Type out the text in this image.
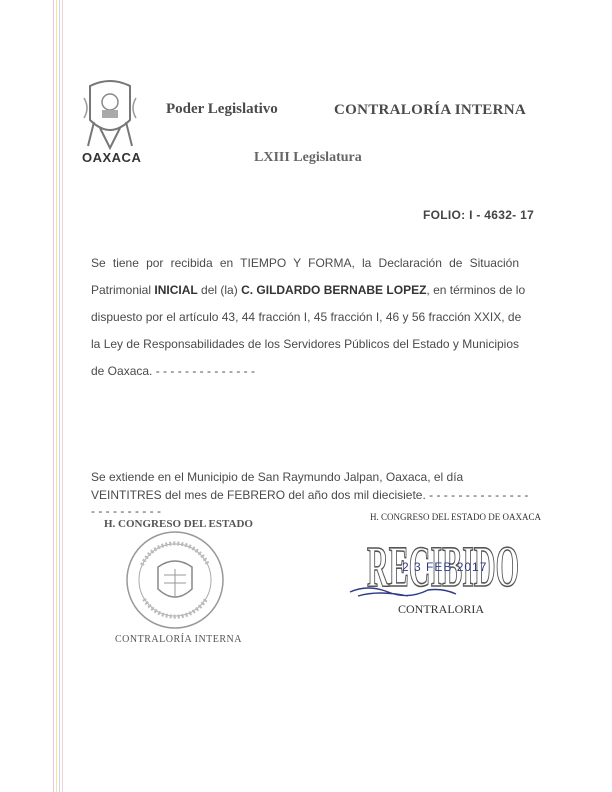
OAXACA
Poder Legislativo	CONTRALORÍA INTERNA
LXIII Legislatura
FOLIO: I - 4632- 17
Se tiene por recibida en TIEMPO Y FORMA, la Declaración de Situación
Patrimonial INICIAL del (la) C. GILDARDO BERNABE LOPEZ, en términos de lo
dispuesto por el artículo 43, 44 fracción I, 45 fracción I, 46 y 56 fracción XXIX, de
la Ley de Responsabilidades de los Servidores Públicos del Estado y Municipios
de Oaxaca. - - - - - - - - - - - - - -
Se extiende en el Municipio de San Raymundo Jalpan, Oaxaca, el día
VEINTITRES del mes de FEBRERO del año dos mil diecisiete. - - - - - - - - - - - - - -
- - - - - - - - - -
H. CONGRESO DEL ESTADO
CONTRALORÍA INTERNA
H. CONGRESO DEL ESTADO DE OAXACA
RECIBIDO
2 3 FEB 2017
CONTRALORIA
